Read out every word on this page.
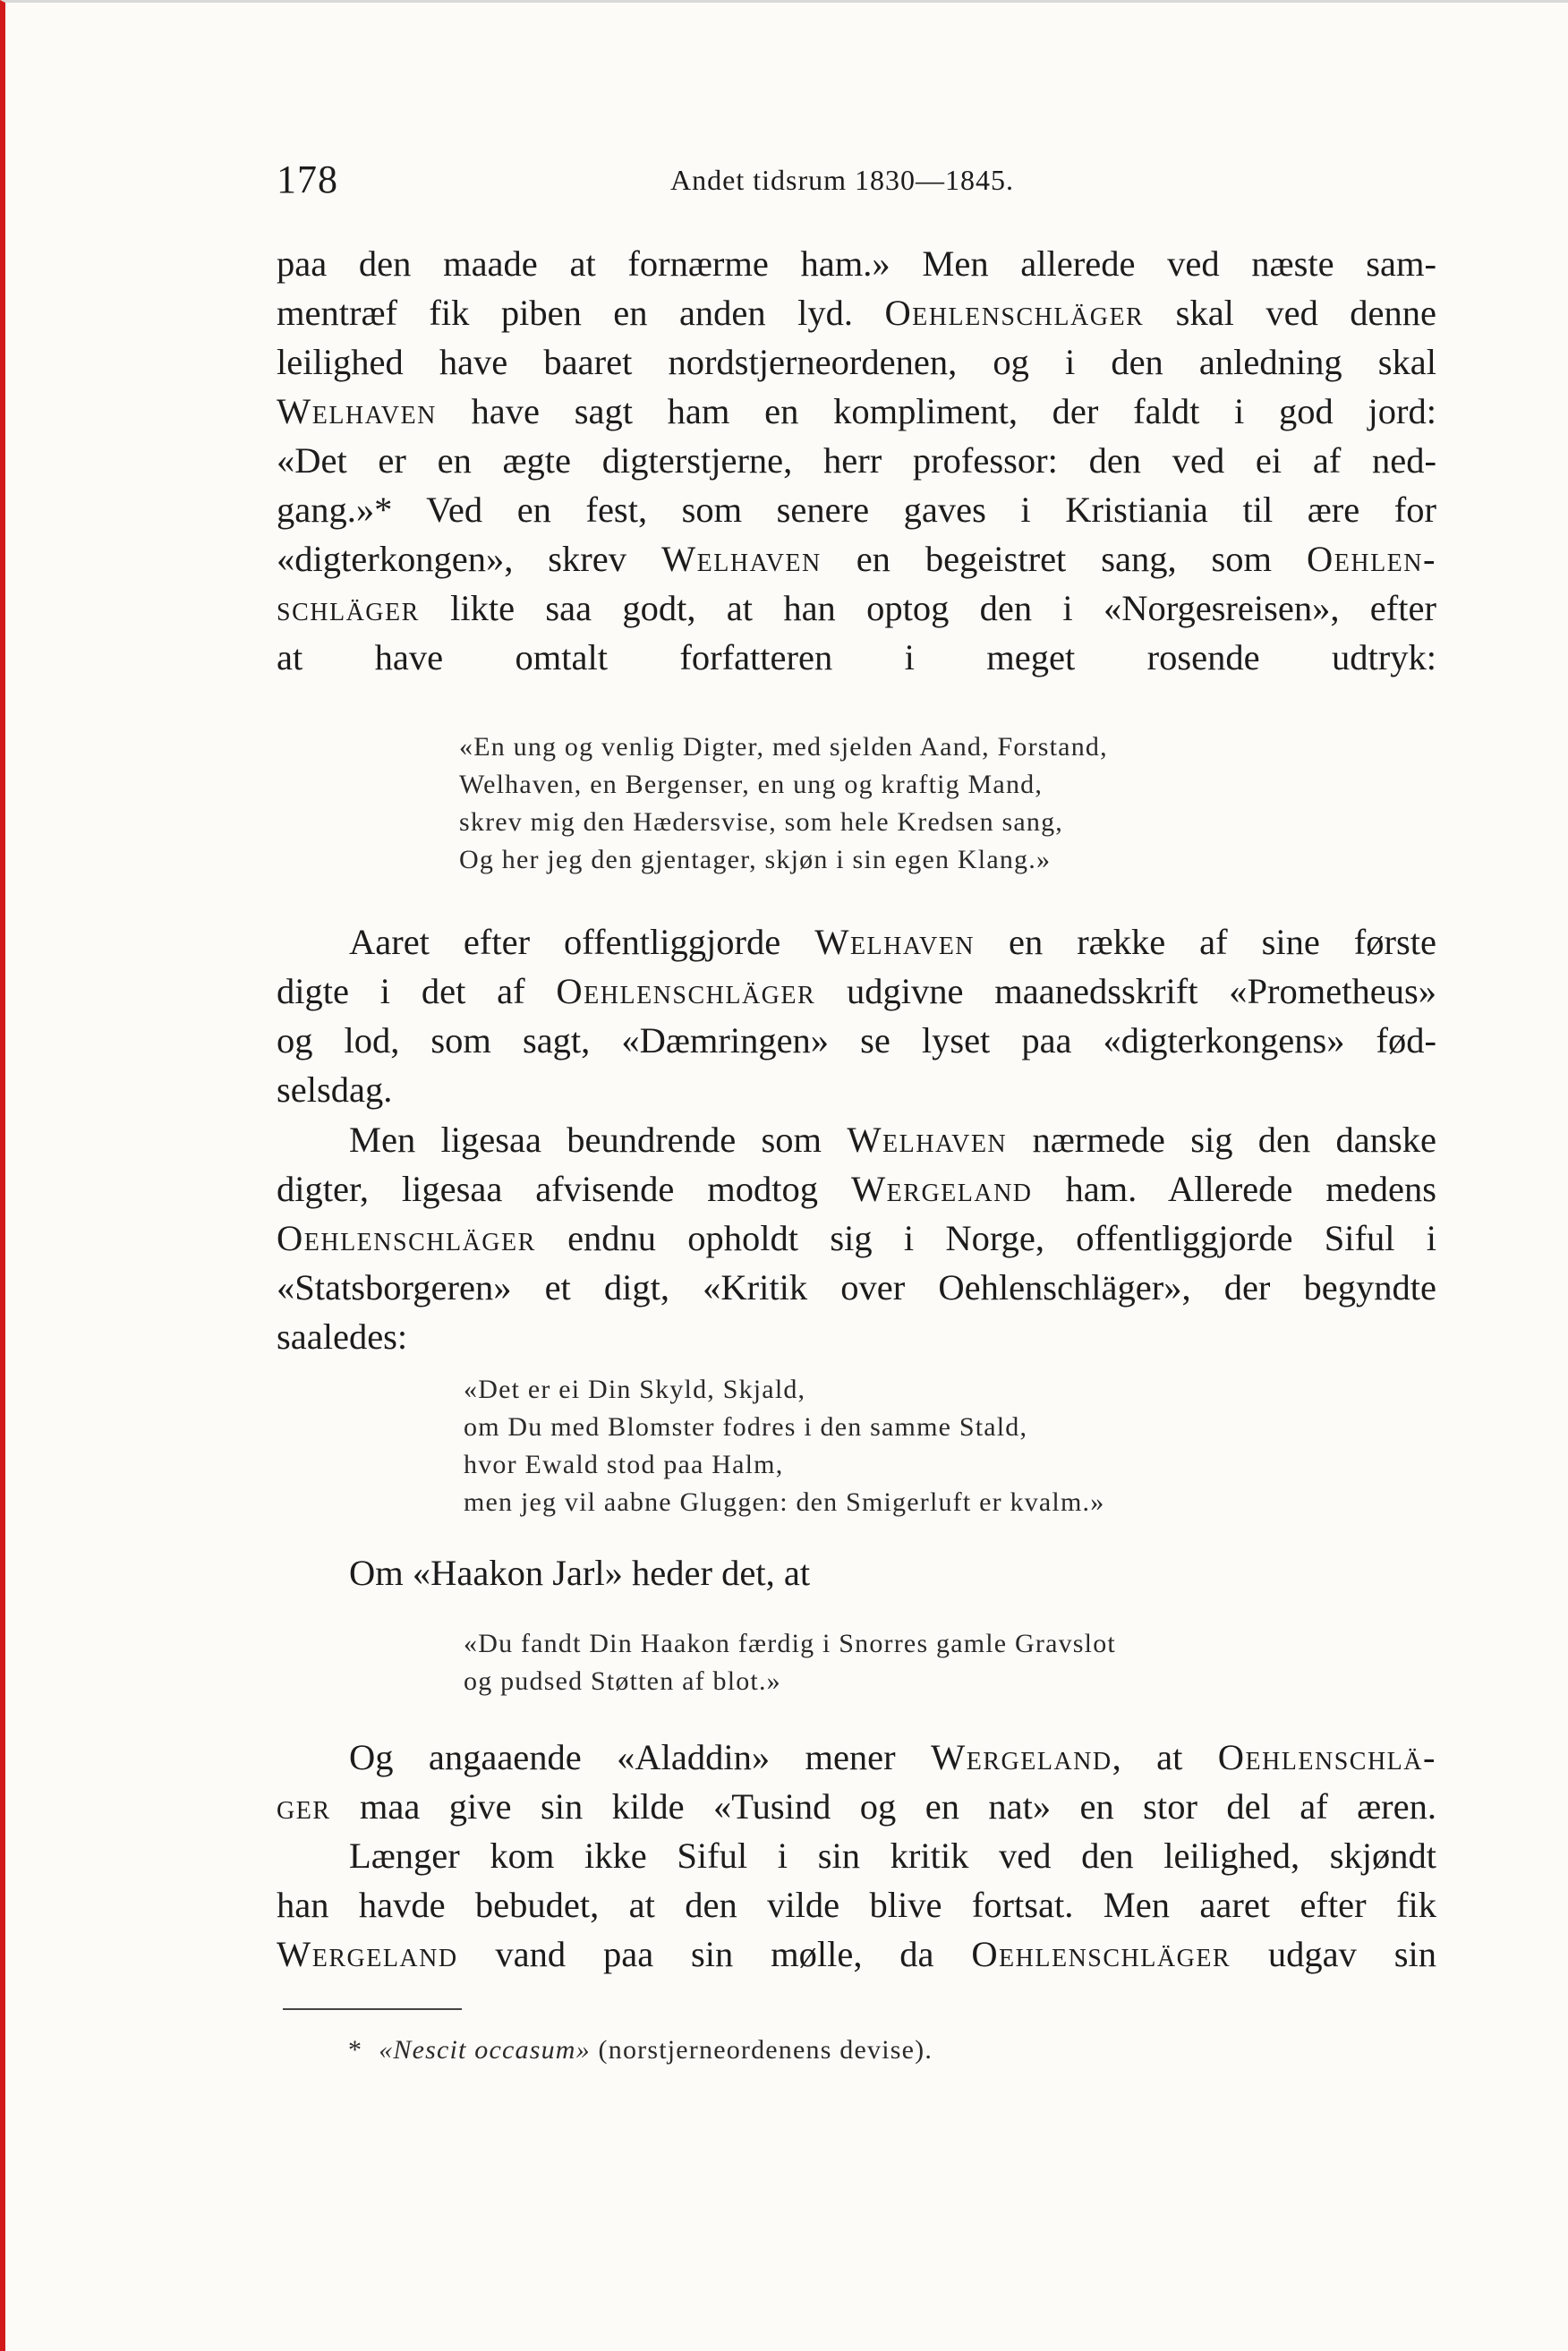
178	Andet tidsrum 1830—1845.
paa den maade at fornærme ham.» Men allerede ved næste sam-
mentræf fik piben en anden lyd. Oehlenschläger skal ved denne
leilighed have baaret nordstjerneordenen, og i den anledning skal
Welhaven have sagt ham en kompliment, der faldt i god jord:
«Det er en ægte digterstjerne, herr professor: den ved ei af ned-
gang.»* Ved en fest, som senere gaves i Kristiania til ære for
«digterkongen», skrev Welhaven en begeistret sang, som Oehlen-
schläger likte saa godt, at han optog den i «Norgesreisen», efter
at have omtalt forfatteren i meget rosende udtryk:
«En ung og venlig Digter, med sjelden Aand, Forstand,
Welhaven, en Bergenser, en ung og kraftig Mand,
skrev mig den Hædersvise, som hele Kredsen sang,
Og her jeg den gjentager, skjøn i sin egen Klang.»
  Aaret efter offentliggjorde Welhaven en række af sine første
digte i det af Oehlenschläger udgivne maanedsskrift «Prometheus»
og lod, som sagt, «Dæmringen» se lyset paa «digterkongens» fød-
selsdag.
  Men ligesaa beundrende som Welhaven nærmede sig den danske
digter, ligesaa afvisende modtog Wergeland ham. Allerede medens
Oehlenschläger endnu opholdt sig i Norge, offentliggjorde Siful i
«Statsborgeren» et digt, «Kritik over Oehlenschläger», der begyndte
saaledes:
«Det er ei Din Skyld, Skjald,
om Du med Blomster fodres i den samme Stald,
hvor Ewald stod paa Halm,
men jeg vil aabne Gluggen: den Smigerluft er kvalm.»
  Om «Haakon Jarl» heder det, at
«Du fandt Din Haakon færdig i Snorres gamle Gravslot
og pudsed Støtten af blot.»
  Og angaaende «Aladdin» mener Wergeland, at Oehlenschlä-
ger maa give sin kilde «Tusind og en nat» en stor del af æren.
  Længer kom ikke Siful i sin kritik ved den leilighed, skjøndt
han havde bebudet, at den vilde blive fortsat. Men aaret efter fik
Wergeland vand paa sin mølle, da Oehlenschläger udgav sin
* «Nescit occasum» (norstjerneordenens devise).
